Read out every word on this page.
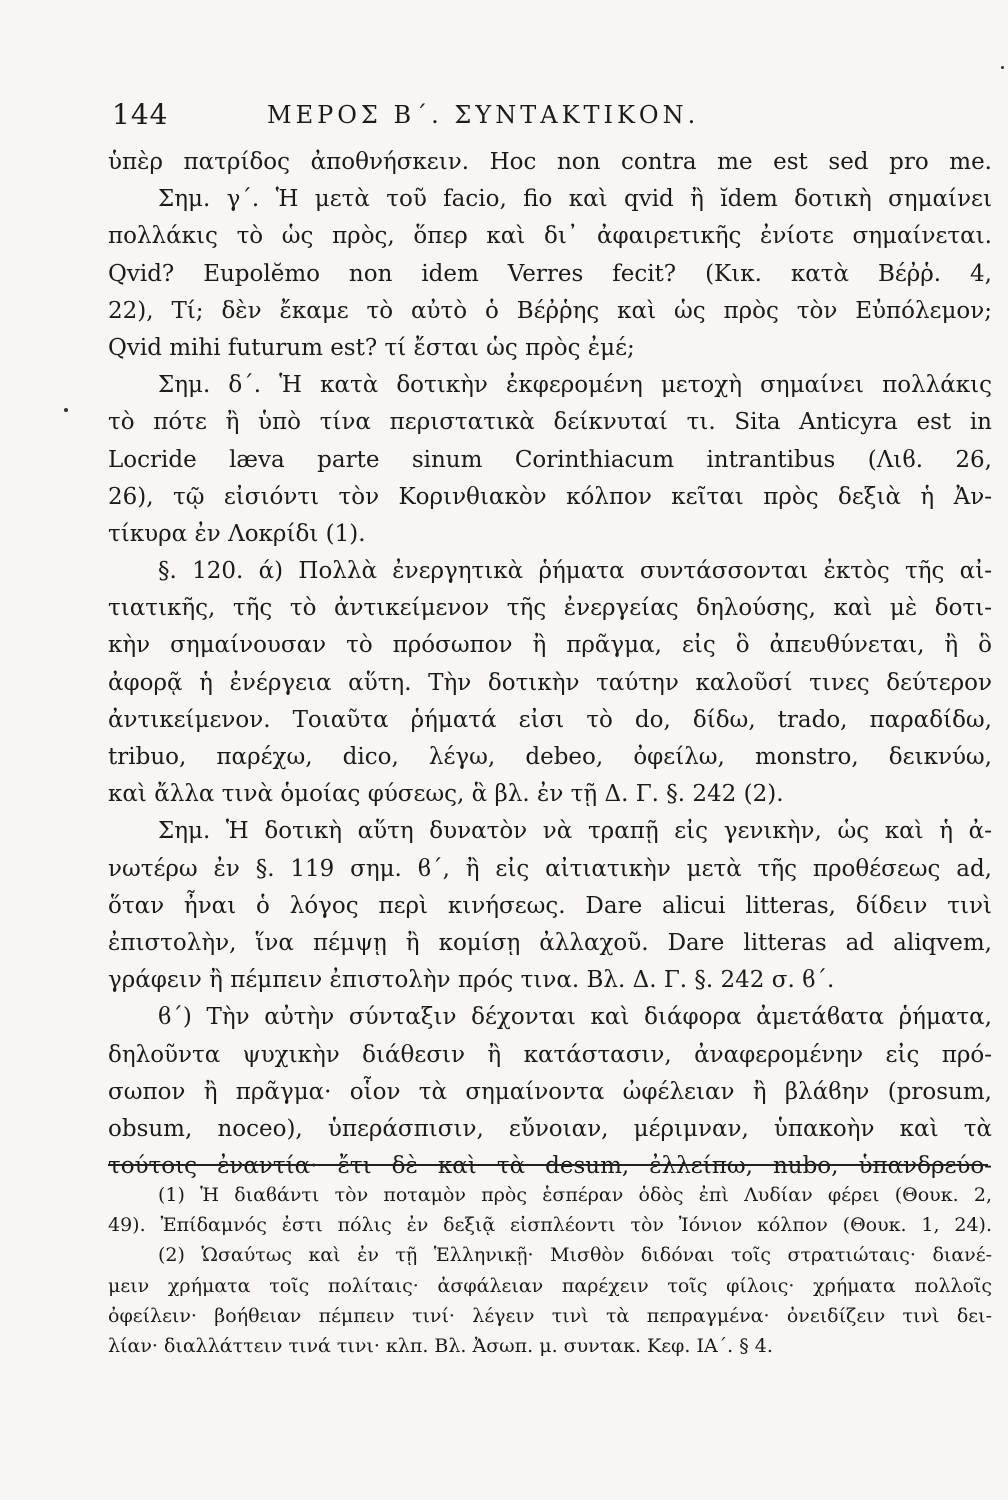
144	ΜΕΡΟΣ Β΄. ΣΥΝΤΑΚΤΙΚΟΝ.
ὑπὲρ πατρίδος ἀποθνήσκειν. Hoc non contra me est sed pro me.
Σημ. γ΄. Ἡ μετὰ τοῦ facio, fio καὶ qvid ἢ ĭdem δοτικὴ σημαίνει
πολλάκις τὸ ὡς πρὸς, ὅπερ καὶ δι᾽ ἀφαιρετικῆς ἐνίοτε σημαίνεται.
Qvid? Eupolĕmo non idem Verres fecit? (Κικ. κατὰ Βέῤῥ. 4,
22), Τί; δὲν ἔκαμε τὸ αὐτὸ ὁ Βέῤῥης καὶ ὡς πρὸς τὸν Εὐπόλεμον;
Qvid mihi futurum est? τί ἔσται ὡς πρὸς ἐμέ;
Σημ. δ΄. Ἡ κατὰ δοτικὴν ἐκφερομένη μετοχὴ σημαίνει πολλάκις
τὸ πότε ἢ ὑπὸ τίνα περιστατικὰ δείκνυταί τι. Sita Anticyra est in
Locride læva parte sinum Corinthiacum intrantibus (Λιϐ. 26,
26), τῷ εἰσιόντι τὸν Κορινθιακὸν κόλπον κεῖται πρὸς δεξιὰ ἡ Ἀν-
τίκυρα ἐν Λοκρίδι (1).
§. 120. ά) Πολλὰ ἐνεργητικὰ ῥήματα συντάσσονται ἐκτὸς τῆς αἰ-
τιατικῆς, τῆς τὸ ἀντικείμενον τῆς ἐνεργείας δηλούσης, καὶ μὲ δοτι-
κὴν σημαίνουσαν τὸ πρόσωπον ἢ πρᾶγμα, εἰς ὃ ἀπευθύνεται, ἢ ὃ
ἀφορᾷ ἡ ἐνέργεια αὕτη. Τὴν δοτικὴν ταύτην καλοῦσί τινες δεύτερον
ἀντικείμενον. Τοιαῦτα ῥήματά εἰσι τὸ do, δίδω, trado, παραδίδω,
tribuo, παρέχω, dico, λέγω, debeo, ὀφείλω, monstro, δεικνύω,
καὶ ἄλλα τινὰ ὁμοίας φύσεως, ἃ βλ. ἐν τῇ Δ. Γ. §. 242 (2).
Σημ. Ἡ δοτικὴ αὕτη δυνατὸν νὰ τραπῇ εἰς γενικὴν, ὡς καὶ ἡ ἀ-
νωτέρω ἐν §. 119 σημ. ϐ΄, ἢ εἰς αἰτιατικὴν μετὰ τῆς προθέσεως ad,
ὅταν ἦναι ὁ λόγος περὶ κινήσεως. Dare alicui litteras, δίδειν τινὶ
ἐπιστολὴν, ἵνα πέμψῃ ἢ κομίσῃ ἀλλαχοῦ. Dare litteras ad aliqvem,
γράφειν ἢ πέμπειν ἐπιστολὴν πρός τινα. Βλ. Δ. Γ. §. 242 σ. ϐ΄.
ϐ΄) Τὴν αὐτὴν σύνταξιν δέχονται καὶ διάφορα ἀμετάϐατα ῥήματα,
δηλοῦντα ψυχικὴν διάθεσιν ἢ κατάστασιν, ἀναφερομένην εἰς πρό-
σωπον ἢ πρᾶγμα· οἷον τὰ σημαίνοντα ὠφέλειαν ἢ βλάϐην (prosum,
obsum, noceo), ὑπεράσπισιν, εὔνοιαν, μέριμναν, ὑπακοὴν καὶ τὰ
τούτοις ἐναντία· ἔτι δὲ καὶ τὰ desum, ἐλλείπω, nubo, ὑπανδρεύο-
(1) Ἡ διαϐάντι τὸν ποταμὸν πρὸς ἑσπέραν ὁδὸς ἐπὶ Λυδίαν φέρει (Θουκ. 2,
49). Ἐπίδαμνός ἐστι πόλις ἐν δεξιᾷ εἰσπλέοντι τὸν Ἰόνιον κόλπον (Θουκ. 1, 24).
(2) Ὡσαύτως καὶ ἐν τῇ Ἑλληνικῇ· Μισθὸν διδόναι τοῖς στρατιώταις· διανέ-
μειν χρήματα τοῖς πολίταις· ἀσφάλειαν παρέχειν τοῖς φίλοις· χρήματα πολλοῖς
ὀφείλειν· βοήθειαν πέμπειν τινί· λέγειν τινὶ τὰ πεπραγμένα· ὀνειδίζειν τινὶ δει-
λίαν· διαλλάττειν τινά τινι· κλπ. Βλ. Ἀσωπ. μ. συντακ. Κεφ. ΙΑ΄. § 4.
